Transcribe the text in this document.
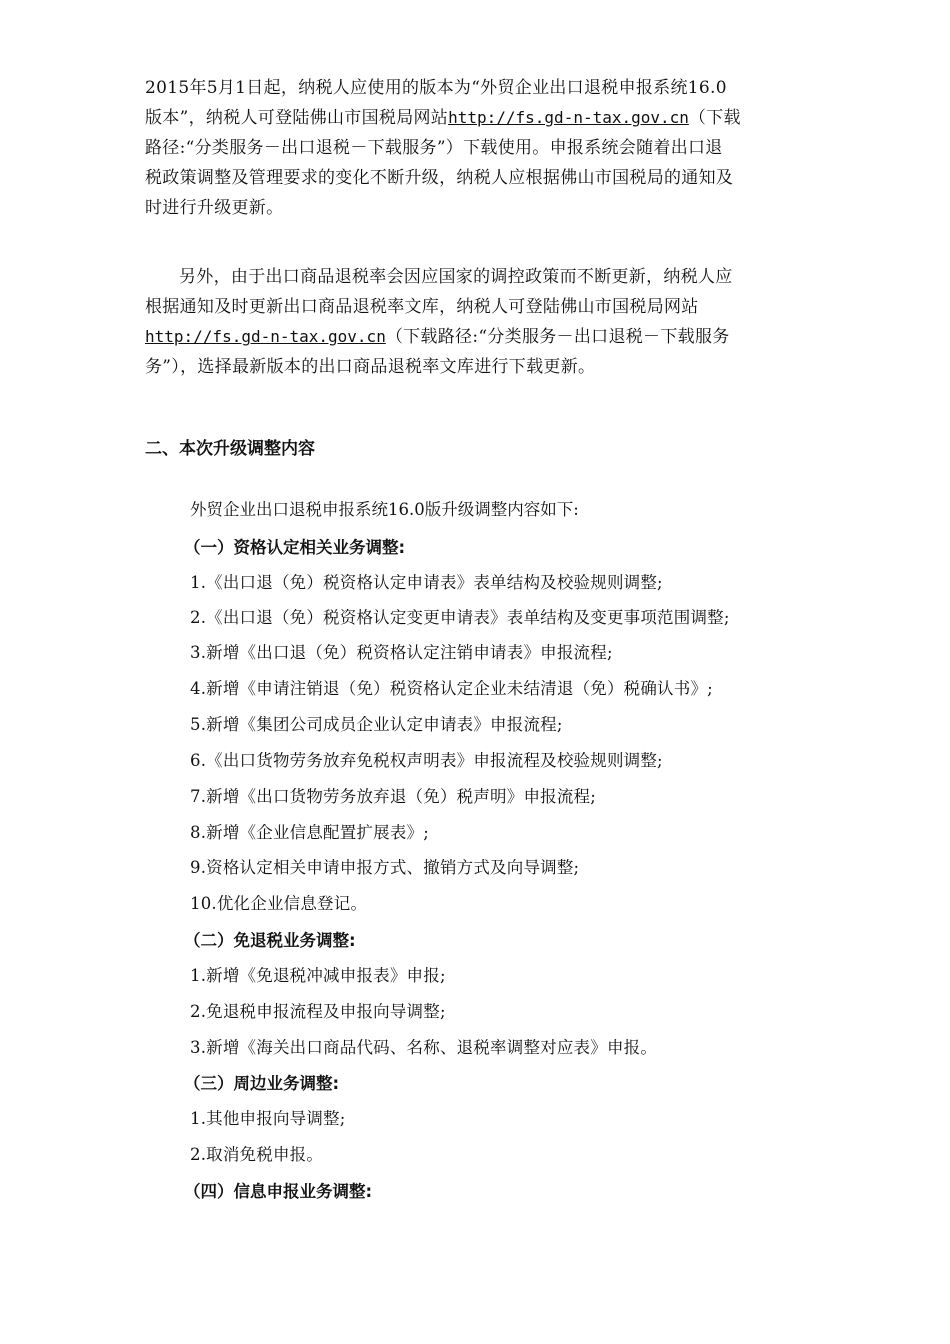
2015年5月1日起，纳税人应使用的版本为“外贸企业出口退税申报系统16.0
版本”，纳税人可登陆佛山市国税局网站http://fs.gd-n-tax.gov.cn（下载
路径:“分类服务－出口退税－下载服务”）下载使用。申报系统会随着出口退
税政策调整及管理要求的变化不断升级，纳税人应根据佛山市国税局的通知及
时进行升级更新。
另外，由于出口商品退税率会因应国家的调控政策而不断更新，纳税人应
根据通知及时更新出口商品退税率文库，纳税人可登陆佛山市国税局网站
http://fs.gd-n-tax.gov.cn（下载路径:“分类服务－出口退税－下载服务
务”），选择最新版本的出口商品退税率文库进行下载更新。
二、本次升级调整内容

外贸企业出口退税申报系统16.0版升级调整内容如下:

（一）资格认定相关业务调整:

1.《出口退（免）税资格认定申请表》表单结构及校验规则调整;

2.《出口退（免）税资格认定变更申请表》表单结构及变更事项范围调整;

3.新增《出口退（免）税资格认定注销申请表》申报流程;

4.新增《申请注销退（免）税资格认定企业未结清退（免）税确认书》;

5.新增《集团公司成员企业认定申请表》申报流程;

6.《出口货物劳务放弃免税权声明表》申报流程及校验规则调整;

7.新增《出口货物劳务放弃退（免）税声明》申报流程;

8.新增《企业信息配置扩展表》;

9.资格认定相关申请申报方式、撤销方式及向导调整;

10.优化企业信息登记。

（二）免退税业务调整:

1.新增《免退税冲减申报表》申报;

2.免退税申报流程及申报向导调整;

3.新增《海关出口商品代码、名称、退税率调整对应表》申报。

（三）周边业务调整:

1.其他申报向导调整;

2.取消免税申报。

（四）信息申报业务调整:
